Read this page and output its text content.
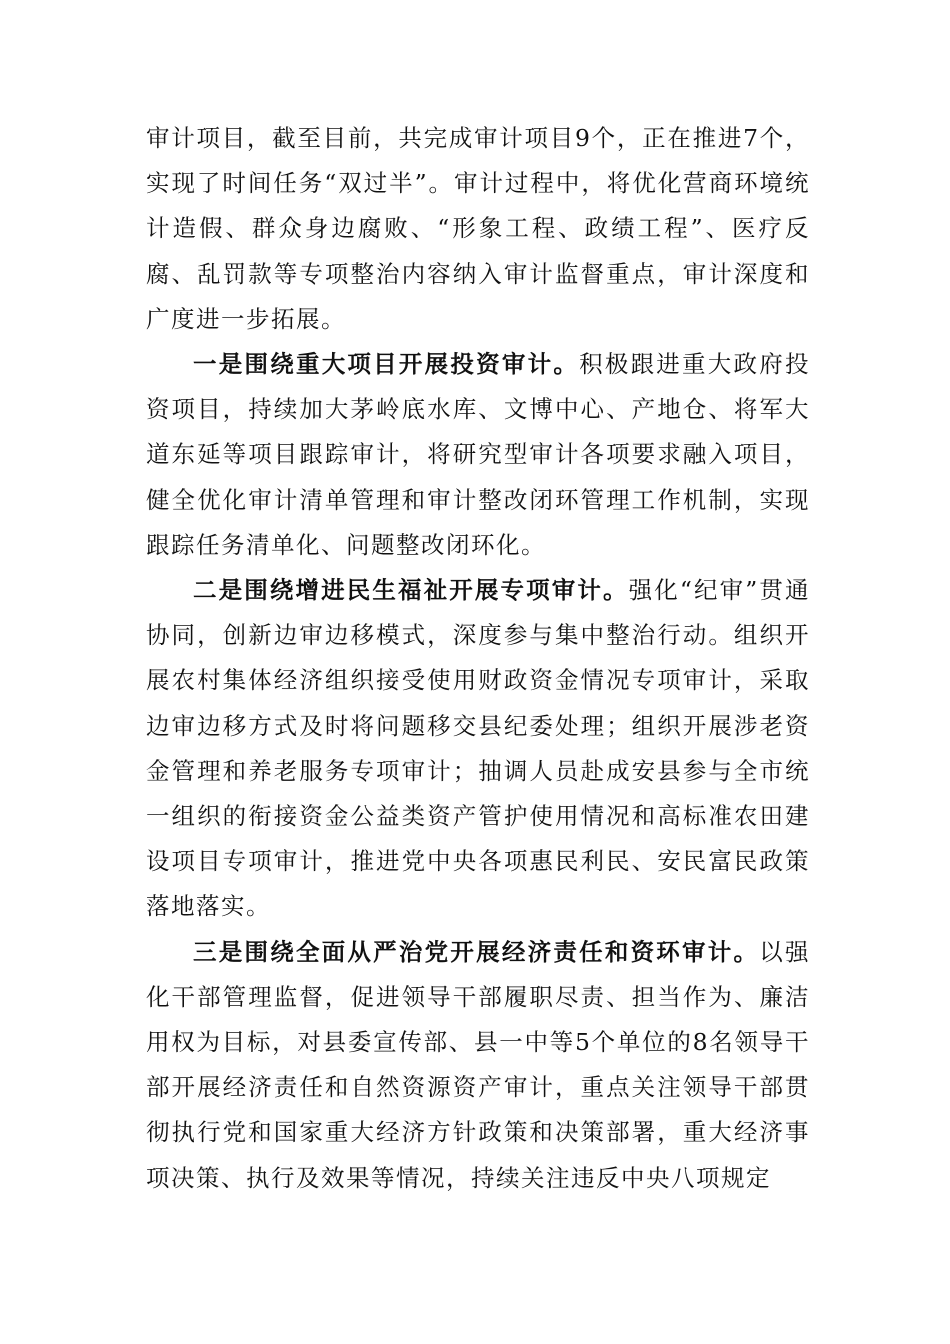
审计项目，截至目前，共完成审计项目9个，正在推进7个，实现了时间任务“双过半”。审计过程中，将优化营商环境统计造假、群众身边腐败、“形象工程、政绩工程”、医疗反腐、乱罚款等专项整治内容纳入审计监督重点，审计深度和广度进一步拓展。

一是围绕重大项目开展投资审计。积极跟进重大政府投资项目，持续加大茅岭底水库、文博中心、产地仓、将军大道东延等项目跟踪审计，将研究型审计各项要求融入项目，健全优化审计清单管理和审计整改闭环管理工作机制，实现跟踪任务清单化、问题整改闭环化。

二是围绕增进民生福祉开展专项审计。强化“纪审”贯通协同，创新边审边移模式，深度参与集中整治行动。组织开展农村集体经济组织接受使用财政资金情况专项审计，采取边审边移方式及时将问题移交县纪委处理；组织开展涉老资金管理和养老服务专项审计；抽调人员赴成安县参与全市统一组织的衔接资金公益类资产管护使用情况和高标准农田建设项目专项审计，推进党中央各项惠民利民、安民富民政策落地落实。

三是围绕全面从严治党开展经济责任和资环审计。以强化干部管理监督，促进领导干部履职尽责、担当作为、廉洁用权为目标，对县委宣传部、县一中等5个单位的8名领导干部开展经济责任和自然资源资产审计，重点关注领导干部贯彻执行党和国家重大经济方针政策和决策部署，重大经济事项决策、执行及效果等情况，持续关注违反中央八项规定
